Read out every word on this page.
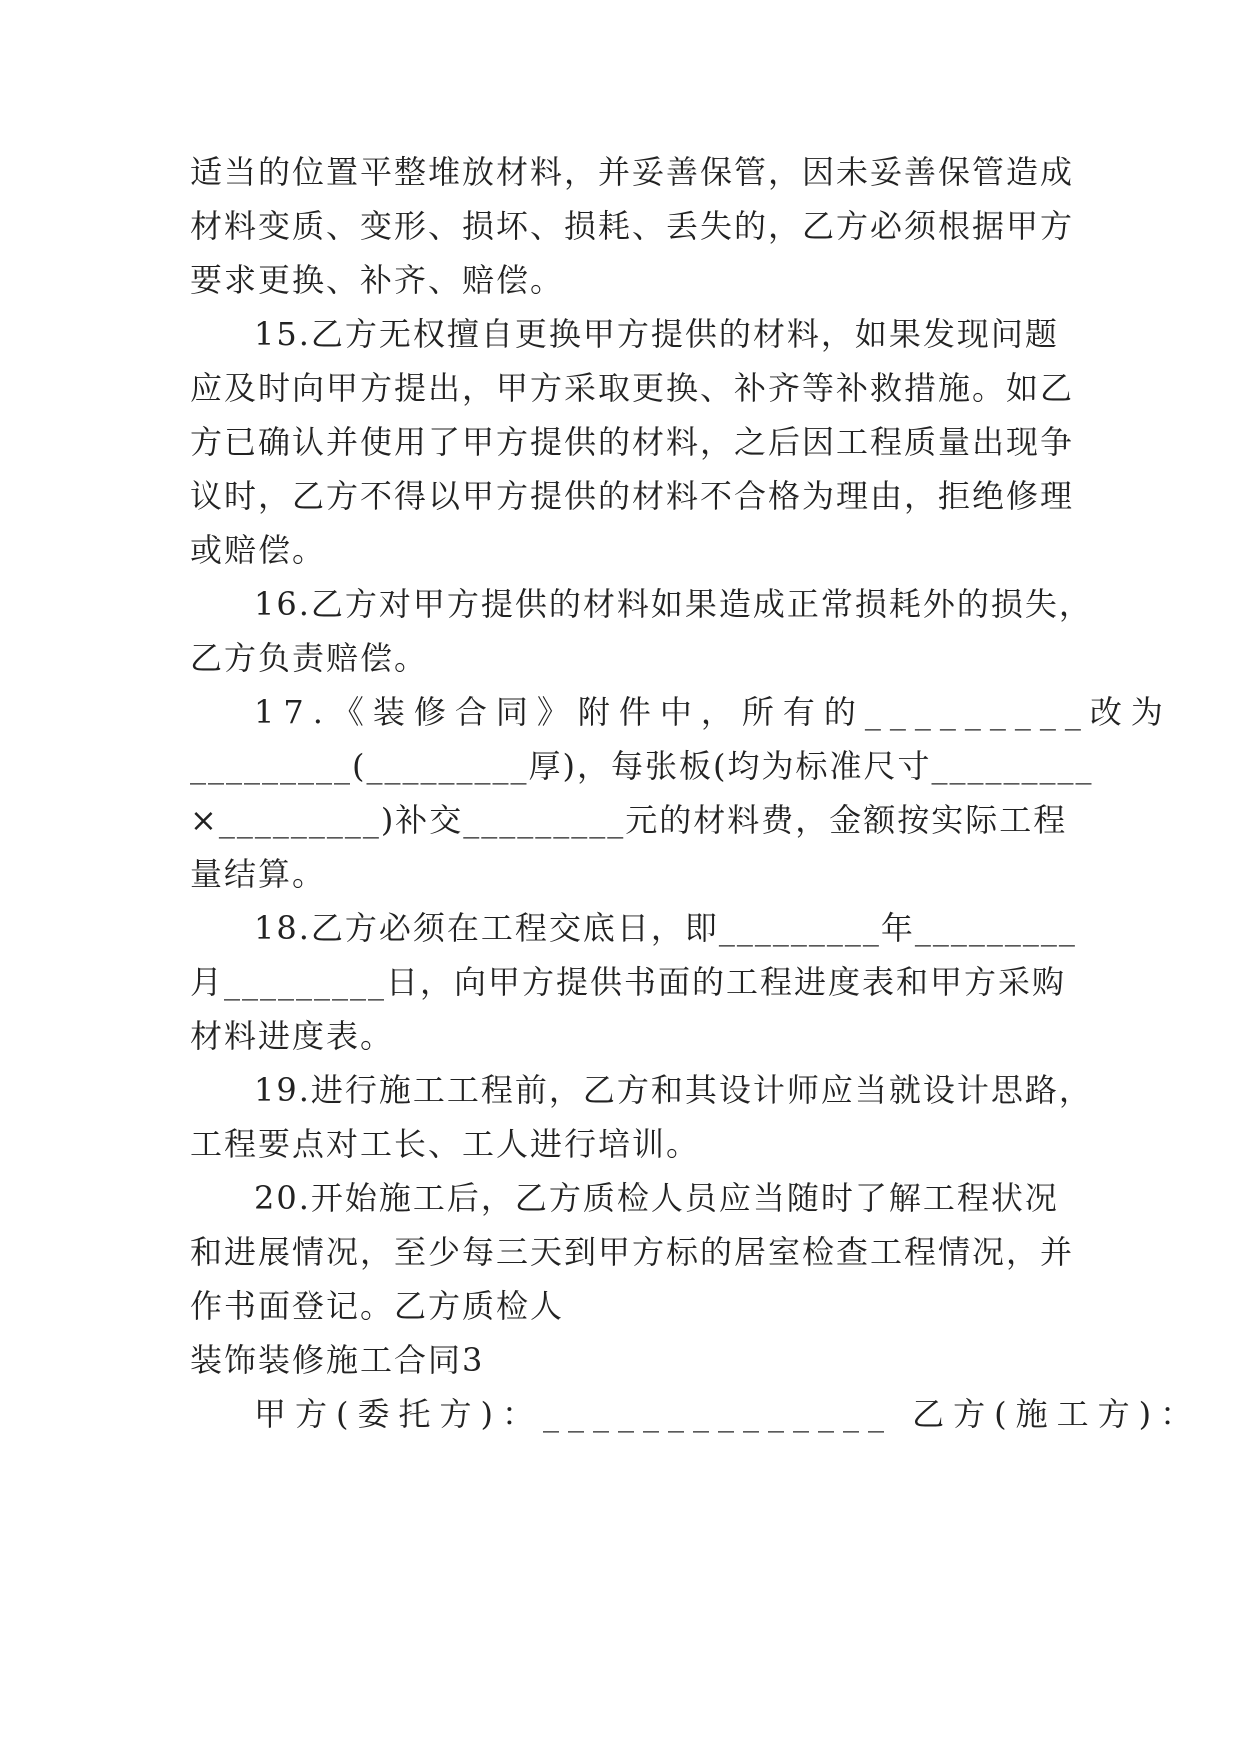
适当的位置平整堆放材料，并妥善保管，因未妥善保管造成
材料变质、变形、损坏、损耗、丢失的，乙方必须根据甲方
要求更换、补齐、赔偿。
15.乙方无权擅自更换甲方提供的材料，如果发现问题
应及时向甲方提出，甲方采取更换、补齐等补救措施。如乙
方已确认并使用了甲方提供的材料，之后因工程质量出现争
议时，乙方不得以甲方提供的材料不合格为理由，拒绝修理
或赔偿。
16.乙方对甲方提供的材料如果造成正常损耗外的损失，
乙方负责赔偿。
17.《装修合同》附件中，所有的_________改为
_________(_________厚)，每张板(均为标准尺寸_________
×_________)补交_________元的材料费，金额按实际工程
量结算。
18.乙方必须在工程交底日，即_________年_________
月_________日，向甲方提供书面的工程进度表和甲方采购
材料进度表。
19.进行施工工程前，乙方和其设计师应当就设计思路，
工程要点对工长、工人进行培训。
20.开始施工后，乙方质检人员应当随时了解工程状况
和进展情况，至少每三天到甲方标的居室检查工程情况，并
作书面登记。乙方质检人
装饰装修施工合同3
甲方(委托方)：______________ 乙方(施工方)：
